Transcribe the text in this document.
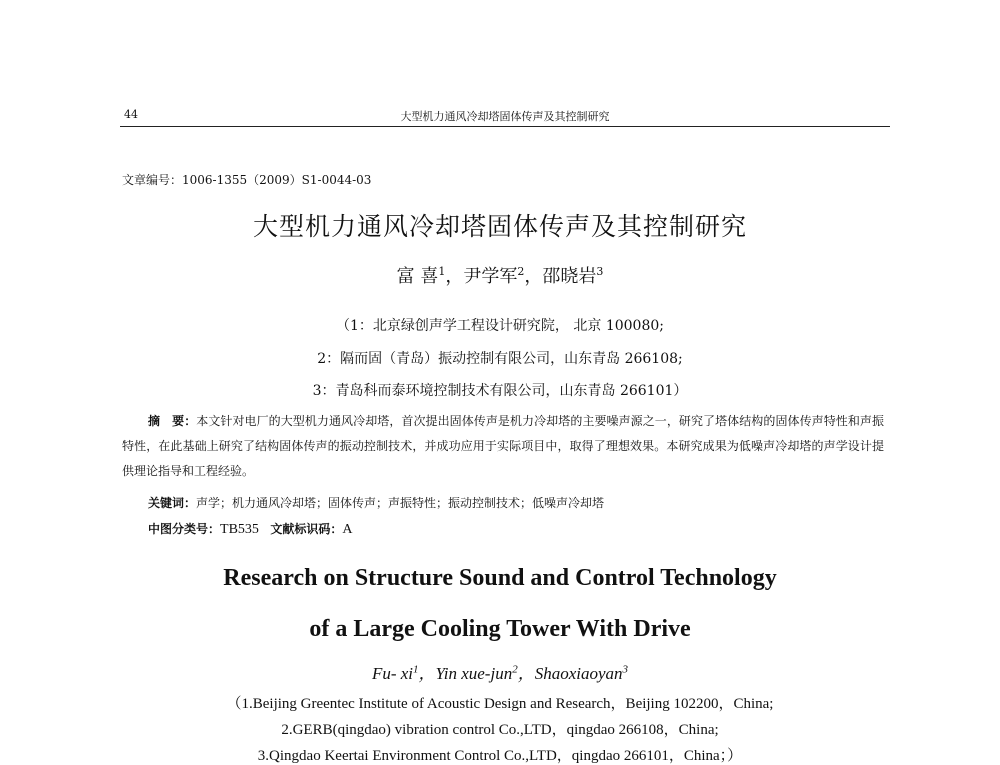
44	大型机力通风冷却塔固体传声及其控制研究
文章编号：1006-1355（2009）S1-0044-03
大型机力通风冷却塔固体传声及其控制研究
富 喜$^1$，尹学军$^2$，邵晓岩$^3$
（1：北京绿创声学工程设计研究院， 北京 100080;
2：隔而固（青岛）振动控制有限公司，山东青岛 266108;
3：青岛科而泰环境控制技术有限公司，山东青岛 266101）
摘　要：本文针对电厂的大型机力通风冷却塔，首次提出固体传声是机力冷却塔的主要噪声源之一，研究了塔体结构的固体传声特性和声振特性，在此基础上研究了结构固体传声的振动控制技术，并成功应用于实际项目中，取得了理想效果。本研究成果为低噪声冷却塔的声学设计提供理论指导和工程经验。
关键词：声学；机力通风冷却塔；固体传声；声振特性；振动控制技术；低噪声冷却塔
中图分类号：TB535 文献标识码：A
Research on Structure Sound and Control Technology
of a Large Cooling Tower With Drive
Fu- $xi^1$，Yin xue-jun$^2$，Shaoxiaoyan$^3$
（1.Beijing Greentec Institute of Acoustic Design and Research，Beijing 102200，China;
2.GERB(qingdao) vibration control Co.,LTD，qingdao 266108，China;
3.Qingdao Keertai Environment Control Co.,LTD，qingdao 266101，China；）
